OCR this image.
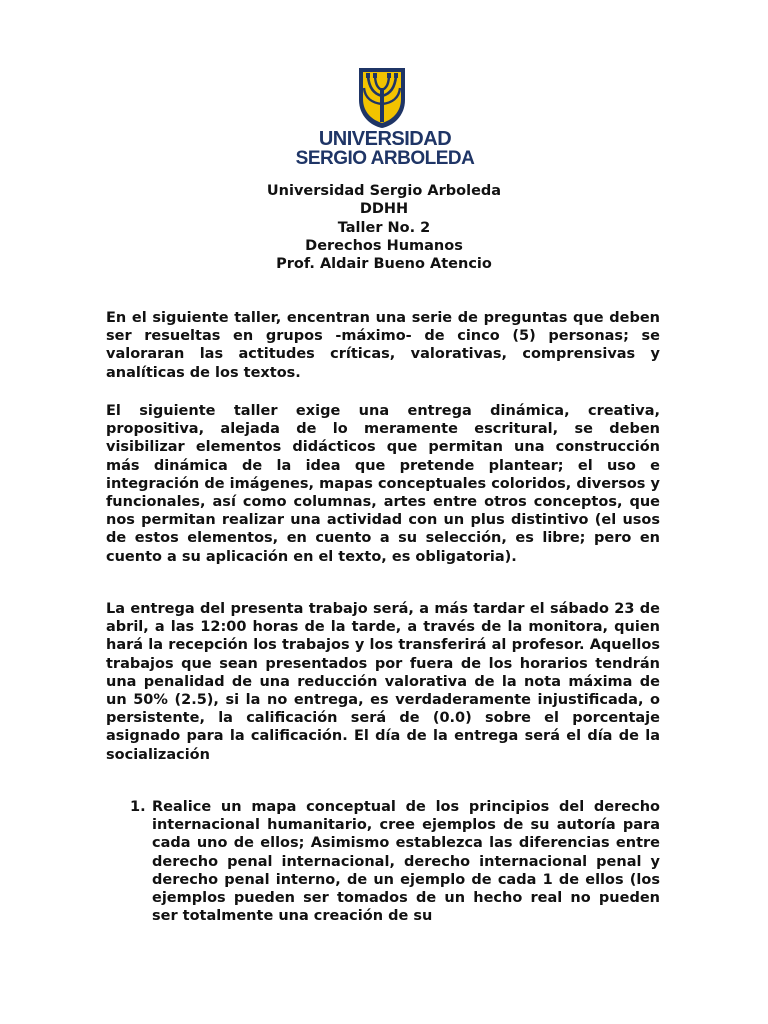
UNIVERSIDAD
SERGIO ARBOLEDA
Universidad Sergio Arboleda
DDHH
Taller No. 2
Derechos Humanos
Prof. Aldair Bueno Atencio

En el siguiente taller, encentran una serie de preguntas que deben ser resueltas en grupos -máximo- de cinco (5) personas; se valoraran las actitudes críticas, valorativas, comprensivas y analíticas de los textos.

El siguiente taller exige una entrega dinámica, creativa, propositiva, alejada de lo meramente escritural, se deben visibilizar elementos didácticos que permitan una construcción más dinámica de la idea que pretende plantear; el uso e integración de imágenes, mapas conceptuales coloridos, diversos y funcionales, así como columnas, artes entre otros conceptos, que nos permitan realizar una actividad con un plus distintivo (el usos de estos elementos, en cuento a su selección, es libre; pero en cuento a su aplicación en el texto, es obligatoria).

La entrega del presenta trabajo será, a más tardar el sábado 23 de abril, a las 12:00 horas de la tarde, a través de la monitora, quien hará la recepción los trabajos y los transferirá al profesor. Aquellos trabajos que sean presentados por fuera de los horarios tendrán una penalidad de una reducción valorativa de la nota máxima de un 50% (2.5), si la no entrega, es verdaderamente injustificada, o persistente, la calificación será de (0.0) sobre el porcentaje asignado para la calificación. El día de la entrega será el día de la socialización

1. Realice un mapa conceptual de los principios del derecho internacional humanitario, cree ejemplos de su autoría para cada uno de ellos; Asimismo establezca las diferencias entre derecho penal internacional, derecho internacional penal y derecho penal interno, de un ejemplo de cada 1 de ellos (los ejemplos pueden ser tomados de un hecho real no pueden ser totalmente una creación de su
